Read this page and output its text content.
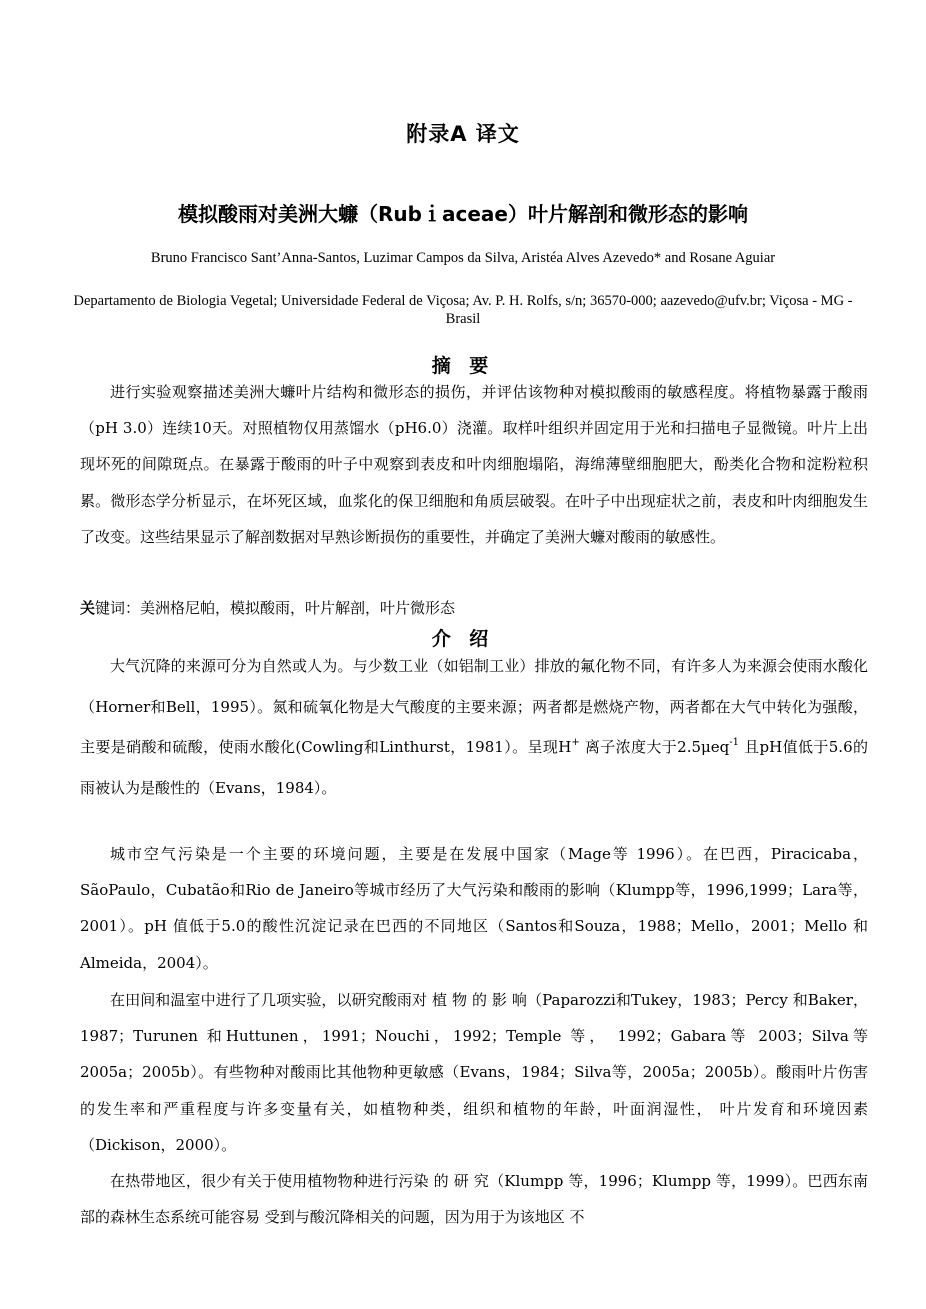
附录A 译文
模拟酸雨对美洲大蠊（Rubｉaceae）叶片解剖和微形态的影响
Bruno Francisco Sant’Anna-Santos, Luzimar Campos da Silva, Aristéa Alves Azevedo* and Rosane Aguiar
Departamento de Biologia Vegetal; Universidade Federal de Viçosa; Av. P. H. Rolfs, s/n; 36570-000; aazevedo@ufv.br; Viçosa - MG - Brasil
摘 要
进行实验观察描述美洲大蠊叶片结构和微形态的损伤，并评估该物种对模拟酸雨的敏感程度。将植物暴露于酸雨（pH 3.0）连续10天。对照植物仅用蒸馏水（pH6.0）浇灌。取样叶组织并固定用于光和扫描电子显微镜。叶片上出现坏死的间隙斑点。在暴露于酸雨的叶子中观察到表皮和叶肉细胞塌陷，海绵薄壁细胞肥大，酚类化合物和淀粉粒积累。微形态学分析显示，在坏死区域，血浆化的保卫细胞和角质层破裂。在叶子中出现症状之前，表皮和叶肉细胞发生了改变。这些结果显示了解剖数据对早熟诊断损伤的重要性，并确定了美洲大蠊对酸雨的敏感性。
关键词：美洲格尼帕，模拟酸雨，叶片解剖，叶片微形态
介 绍
大气沉降的来源可分为自然或人为。与少数工业（如铝制工业）排放的氟化物不同，有许多人为来源会使雨水酸化（Horner和Bell，1995）。氮和硫氧化物是大气酸度的主要来源；两者都是燃烧产物，两者都在大气中转化为强酸，主要是硝酸和硫酸，使雨水酸化(Cowling和Linthurst，1981）。呈现H+ 离子浓度大于2.5μeq$^{-1}$ 且pH值低于5.6的雨被认为是酸性的（Evans，1984）。
城市空气污染是一个主要的环境问题，主要是在发展中国家（Mage等 1996）。在巴西，Piracicaba，SãoPaulo，Cubatão和Rio de Janeiro等城市经历了大气污染和酸雨的影响（Klumpp等，1996,1999；Lara等，2001）。pH 值低于5.0的酸性沉淀记录在巴西的不同地区（Santos和Souza，1988；Mello，2001；Mello 和Almeida，2004）。
在田间和温室中进行了几项实验，以研究酸雨对 植 物 的 影 响（Paparozzi和Tukey，1983；Percy 和Baker，1987；Turunen 和Huttunen，1991；Nouchi，1992；Temple 等， 1992；Gabara等 2003；Silva等 2005a；2005b）。有些物种对酸雨比其他物种更敏感（Evans，1984；Silva等，2005a；2005b）。酸雨叶片伤害的发生率和严重程度与许多变量有关，如植物种类，组织和植物的年龄，叶面润湿性， 叶片发育和环境因素（Dickison，2000）。
在热带地区，很少有关于使用植物物种进行污染 的 研 究（Klumpp 等，1996；Klumpp 等，1999）。巴西东南部的森林生态系统可能容易 受到与酸沉降相关的问题，因为用于为该地区 不
